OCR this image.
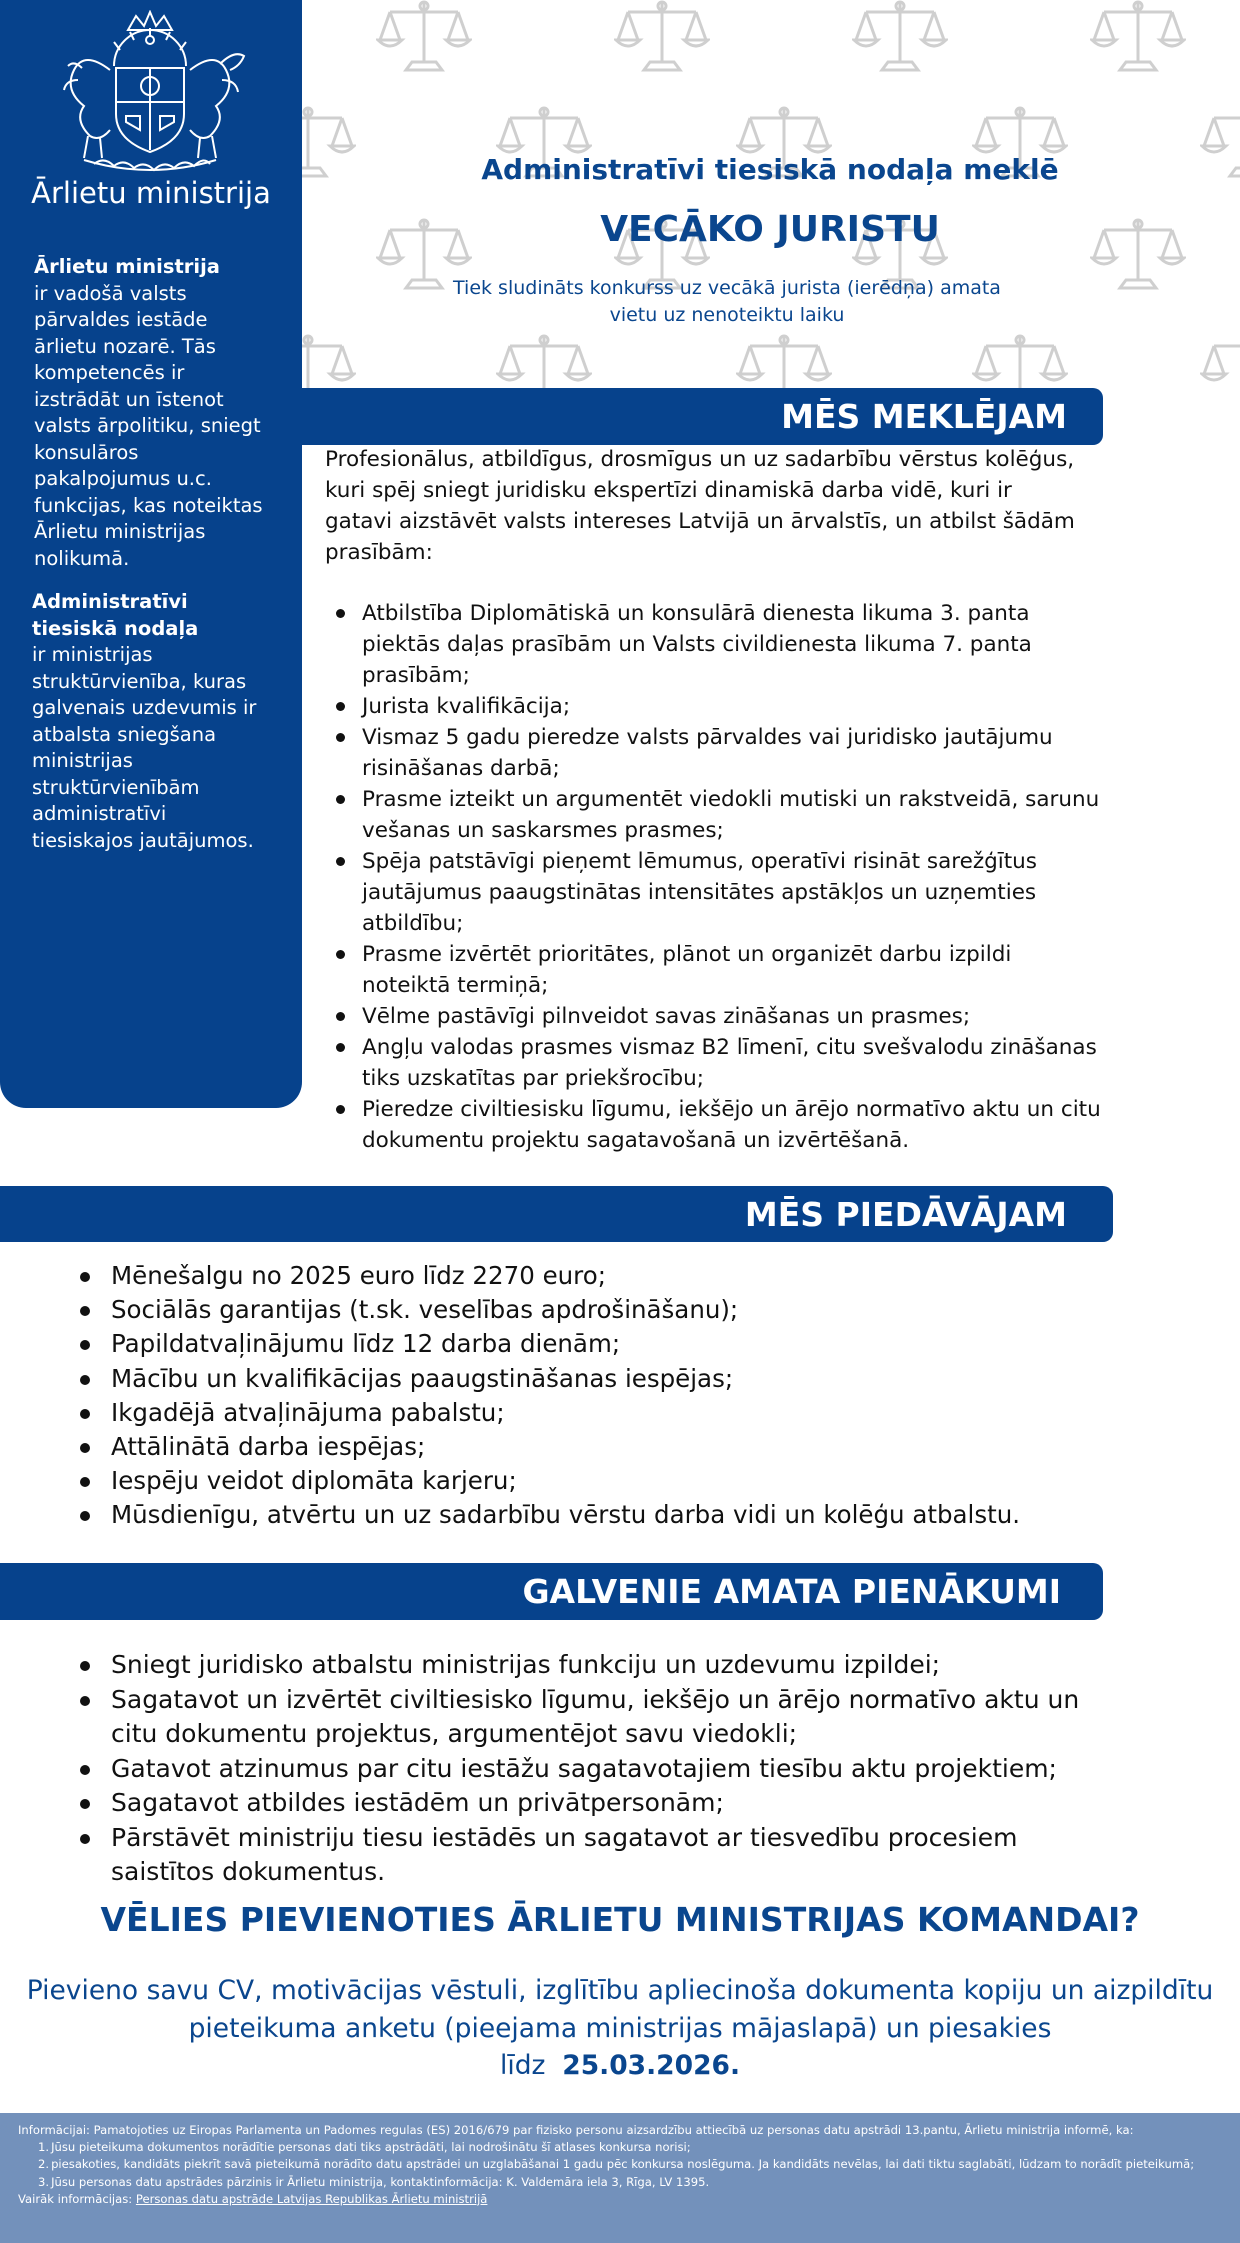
Ārlietu ministrija
Ārlietu ministrija
ir vadošā valsts pārvaldes iestāde ārlietu nozarē. Tās kompetencēs ir izstrādāt un īstenot valsts ārpolitiku, sniegt konsulāros pakalpojumus u.c. funkcijas, kas noteiktas Ārlietu ministrijas nolikumā.
Administratīvi tiesiskā nodaļa
ir ministrijas struktūrvienība, kuras galvenais uzdevumis ir atbalsta sniegšana ministrijas struktūrvienībām administratīvi tiesiskajos jautājumos.
Administratīvi tiesiskā nodaļa meklē
VECĀKO JURISTU
Tiek sludināts konkurss uz vecākā jurista (ierēdņa) amata vietu uz nenoteiktu laiku
MĒS MEKLĒJAM
Profesionālus, atbildīgus, drosmīgus un uz sadarbību vērstus kolēģus, kuri spēj sniegt juridisku ekspertīzi dinamiskā darba vidē, kuri ir gatavi aizstāvēt valsts intereses Latvijā un ārvalstīs, un atbilst šādām prasībām:
Atbilstība Diplomātiskā un konsulārā dienesta likuma 3. panta piektās daļas prasībām un Valsts civildienesta likuma 7. panta prasībām;
Jurista kvalifikācija;
Vismaz 5 gadu pieredze valsts pārvaldes vai juridisko jautājumu risināšanas darbā;
Prasme izteikt un argumentēt viedokli mutiski un rakstveidā, sarunu vešanas un saskarsmes prasmes;
Spēja patstāvīgi pieņemt lēmumus, operatīvi risināt sarežģītus jautājumus paaugstinātas intensitātes apstākļos un uzņemties atbildību;
Prasme izvērtēt prioritātes, plānot un organizēt darbu izpildi noteiktā termiņā;
Vēlme pastāvīgi pilnveidot savas zināšanas un prasmes;
Angļu valodas prasmes vismaz B2 līmenī, citu svešvalodu zināšanas tiks uzskatītas par priekšrocību;
Pieredze civiltiesisku līgumu, iekšējo un ārējo normatīvo aktu un citu dokumentu projektu sagatavošanā un izvērtēšanā.
MĒS PIEDĀVĀJAM
Mēnešalgu no 2025 euro līdz 2270 euro;
Sociālās garantijas (t.sk. veselības apdrošināšanu);
Papildatvaļinājumu līdz 12 darba dienām;
Mācību un kvalifikācijas paaugstināšanas iespējas;
Ikgadējā atvaļinājuma pabalstu;
Attālinātā darba iespējas;
Iespēju veidot diplomāta karjeru;
Mūsdienīgu, atvērtu un uz sadarbību vērstu darba vidi un kolēģu atbalstu.
GALVENIE AMATA PIENĀKUMI
Sniegt juridisko atbalstu ministrijas funkciju un uzdevumu izpildei;
Sagatavot un izvērtēt civiltiesisko līgumu, iekšējo un ārējo normatīvo aktu un citu dokumentu projektus, argumentējot savu viedokli;
Gatavot atzinumus par citu iestāžu sagatavotajiem tiesību aktu projektiem;
Sagatavot atbildes iestādēm un privātpersonām;
Pārstāvēt ministriju tiesu iestādēs un sagatavot ar tiesvedību procesiem saistītos dokumentus.
VĒLIES PIEVIENOTIES ĀRLIETU MINISTRIJAS KOMANDAI?
Pievieno savu CV, motivācijas vēstuli, izglītību apliecinoša dokumenta kopiju un aizpildītu pieteikuma anketu (pieejama ministrijas mājaslapā) un piesakies
līdz 25.03.2026.
Informācijai: Pamatojoties uz Eiropas Parlamenta un Padomes regulas (ES) 2016/679 par fizisko personu aizsardzību attiecībā uz personas datu apstrādi 13.pantu, Ārlietu ministrija informē, ka:
1. Jūsu pieteikuma dokumentos norādītie personas dati tiks apstrādāti, lai nodrošinātu šī atlases konkursa norisi;
2. piesakoties, kandidāts piekrīt savā pieteikumā norādīto datu apstrādei un uzglabāšanai 1 gadu pēc konkursa noslēguma. Ja kandidāts nevēlas, lai dati tiktu saglabāti, lūdzam to norādīt pieteikumā;
3. Jūsu personas datu apstrādes pārzinis ir Ārlietu ministrija, kontaktinformācija: K. Valdemāra iela 3, Rīga, LV 1395.
Vairāk informācijas: Personas datu apstrāde Latvijas Republikas Ārlietu ministrijā
